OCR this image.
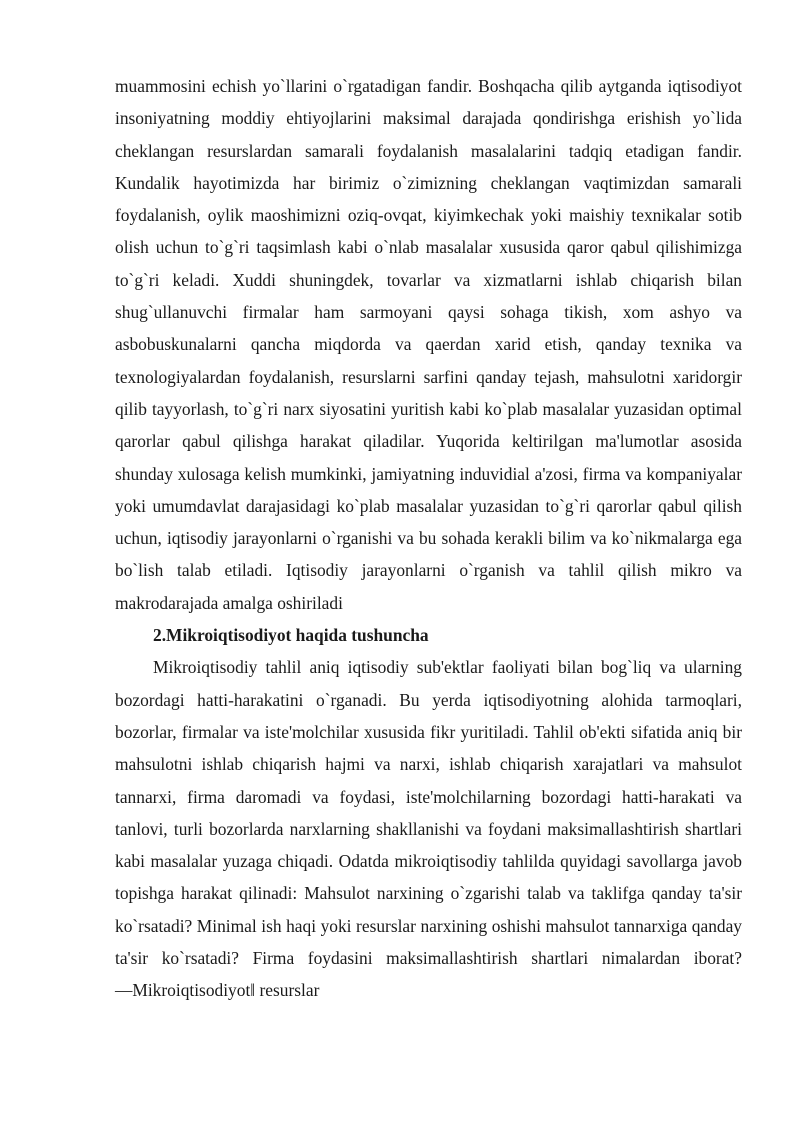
muammosini echish yo`llarini o`rgatadigan fandir. Boshqacha qilib aytganda iqtisodiyot insoniyatning moddiy ehtiyojlarini maksimal darajada qondirishga erishish yo`lida cheklangan resurslardan samarali foydalanish masalalarini tadqiq etadigan fandir. Kundalik hayotimizda har birimiz o`zimizning cheklangan vaqtimizdan samarali foydalanish, oylik maoshimizni oziq-ovqat, kiyimkechak yoki maishiy texnikalar sotib olish uchun to`g`ri taqsimlash kabi o`nlab masalalar xususida qaror qabul qilishimizga to`g`ri keladi. Xuddi shuningdek, tovarlar va xizmatlarni ishlab chiqarish bilan shug`ullanuvchi firmalar ham sarmoyani qaysi sohaga tikish, xom ashyo va asbobuskunalarni qancha miqdorda va qaerdan xarid etish, qanday texnika va texnologiyalardan foydalanish, resurslarni sarfini qanday tejash, mahsulotni xaridorgir qilib tayyorlash, to`g`ri narx siyosatini yuritish kabi ko`plab masalalar yuzasidan optimal qarorlar qabul qilishga harakat qiladilar. Yuqorida keltirilgan ma'lumotlar asosida shunday xulosaga kelish mumkinki, jamiyatning induvidial a'zosi, firma va kompaniyalar yoki umumdavlat darajasidagi ko`plab masalalar yuzasidan to`g`ri qarorlar qabul qilish uchun, iqtisodiy jarayonlarni o`rganishi va bu sohada kerakli bilim va ko`nikmalarga ega bo`lish talab etiladi. Iqtisodiy jarayonlarni o`rganish va tahlil qilish mikro va makrodarajada amalga oshiriladi

2.Mikroiqtisodiyot haqida tushuncha

Mikroiqtisodiy tahlil aniq iqtisodiy sub'ektlar faoliyati bilan bog`liq va ularning bozordagi hatti-harakatini o`rganadi. Bu yerda iqtisodiyotning alohida tarmoqlari, bozorlar, firmalar va iste'molchilar xususida fikr yuritiladi. Tahlil ob'ekti sifatida aniq bir mahsulotni ishlab chiqarish hajmi va narxi, ishlab chiqarish xarajatlari va mahsulot tannarxi, firma daromadi va foydasi, iste'molchilarning bozordagi hatti-harakati va tanlovi, turli bozorlarda narxlarning shakllanishi va foydani maksimallashtirish shartlari kabi masalalar yuzaga chiqadi. Odatda mikroiqtisodiy tahlilda quyidagi savollarga javob topishga harakat qilinadi: Mahsulot narxining o`zgarishi talab va taklifga qanday ta'sir ko`rsatadi? Minimal ish haqi yoki resurslar narxining oshishi mahsulot tannarxiga qanday ta'sir ko`rsatadi? Firma foydasini maksimallashtirish shartlari nimalardan iborat? ―Mikroiqtisodiyot‖ resurslar
